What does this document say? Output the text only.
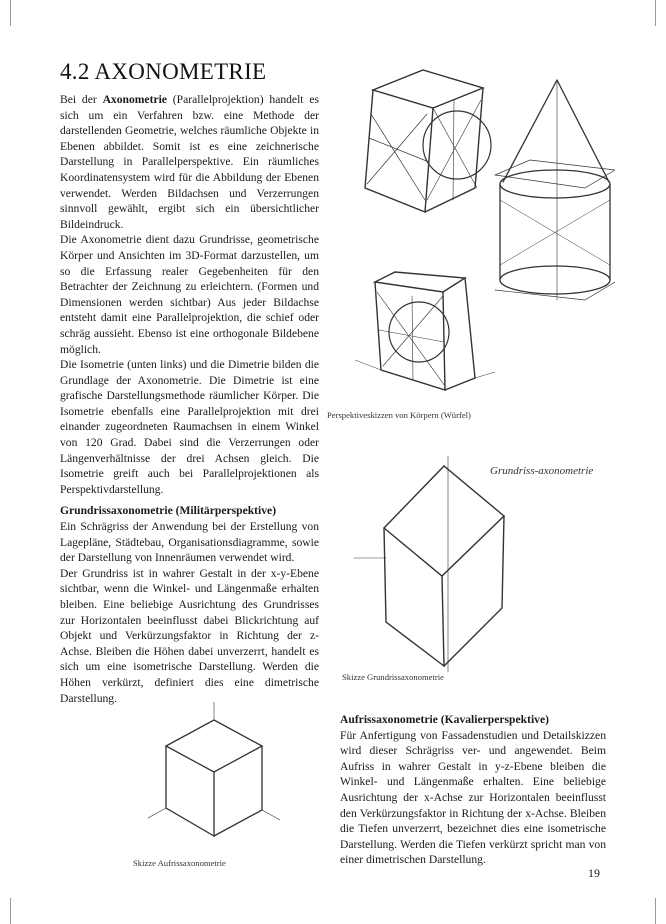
4.2 AXONOMETRIE

Bei der Axonometrie (Parallelprojektion) handelt es sich um ein Verfahren bzw. eine Methode der darstellenden Geometrie, welches räumliche Objekte in Ebenen abbildet. Somit ist es eine zeichnerische Darstellung in Parallelperspektive. Ein räumliches Koordinatensystem wird für die Abbildung der Ebenen verwendet. Werden Bildachsen und Verzerrungen sinnvoll gewählt, ergibt sich ein übersichtlicher Bildeindruck.

Die Axonometrie dient dazu Grundrisse, geometrische Körper und Ansichten im 3D-Format darzustellen, um so die Erfassung realer Gegebenheiten für den Betrachter der Zeichnung zu erleichtern. (Formen und Dimensionen werden sichtbar) Aus jeder Bildachse entsteht damit eine Parallelprojektion, die schief oder schräg aussieht. Ebenso ist eine orthogonale Bildebene möglich.

Die Isometrie (unten links) und die Dimetrie bilden die Grundlage der Axonometrie. Die Dimetrie ist eine grafische Darstellungsmethode räumlicher Körper. Die Isometrie ebenfalls eine Parallelprojektion mit drei einander zugeordneten Raumachsen in einem Winkel von 120 Grad. Dabei sind die Verzerrungen oder Längenverhältnisse der drei Achsen gleich. Die Isometrie greift auch bei Parallelprojektionen als Perspektivdarstellung.

Grundrissaxonometrie (Militärperspektive)

Ein Schrägriss der Anwendung bei der Erstellung von Lagepläne, Städtebau, Organisationsdiagramme, sowie der Darstellung von Innenräumen verwendet wird.

Der Grundriss ist in wahrer Gestalt in der x-y-Ebene sichtbar, wenn die Winkel- und Längenmaße erhalten bleiben. Eine beliebige Ausrichtung des Grundrisses zur Horizontalen beeinflusst dabei Blickrichtung auf Objekt und Verkürzungsfaktor in Richtung der z-Achse. Bleiben die Höhen dabei unverzerrt, handelt es sich um eine isometrische Darstellung. Werden die Höhen verkürzt, definiert dies eine dimetrische Darstellung.

Aufrissaxonometrie (Kavalierperspektive)

Für Anfertigung von Fassadenstudien und Detailskizzen wird dieser Schrägriss ver- und angewendet. Beim Aufriss in wahrer Gestalt in y-z-Ebene bleiben die Winkel- und Längenmaße erhalten. Eine beliebige Ausrichtung der x-Achse zur Horizontalen beeinflusst den Verkürzungsfaktor in Richtung der x-Achse. Bleiben die Tiefen unverzerrt, bezeichnet dies eine isometrische Darstellung. Werden die Tiefen verkürzt spricht man von einer dimetrischen Darstellung.

Perspektiveskizzen von Körpern (Würfel)
Grundriss-axonometrie
Skizze Grundrissaxonometrie
Skizze Aufrissaxonometrie
19
